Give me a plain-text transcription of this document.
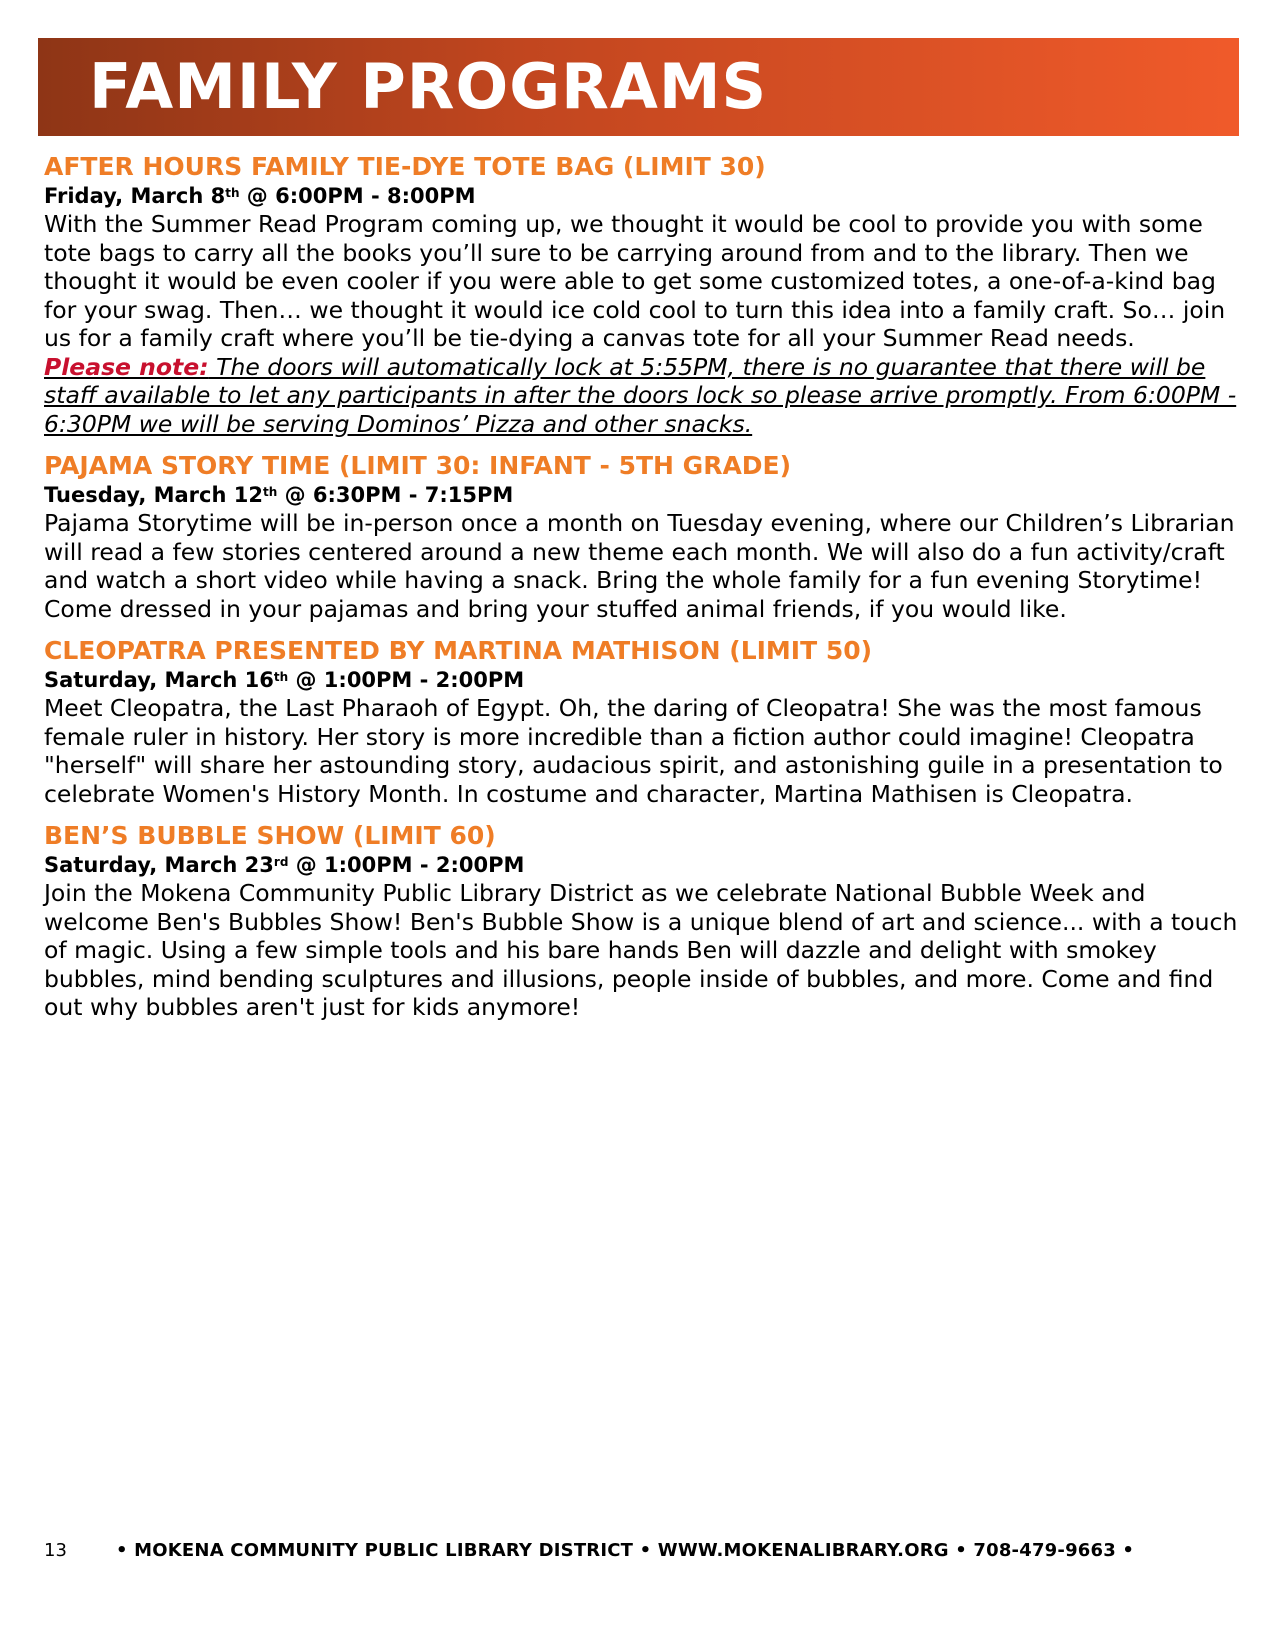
FAMILY PROGRAMS
AFTER HOURS FAMILY TIE-DYE TOTE BAG (LIMIT 30)
Friday, March 8th @ 6:00PM - 8:00PM

With the Summer Read Program coming up, we thought it would be cool to provide you with some tote bags to carry all the books you’ll sure to be carrying around from and to the library. Then we thought it would be even cooler if you were able to get some customized totes, a one-of-a-kind bag for your swag. Then… we thought it would ice cold cool to turn this idea into a family craft. So… join us for a family craft where you’ll be tie-dying a canvas tote for all your Summer Read needs.

Please note: The doors will automatically lock at 5:55PM, there is no guarantee that there will be staff available to let any participants in after the doors lock so please arrive promptly. From 6:00PM - 6:30PM we will be serving Dominos’ Pizza and other snacks.

PAJAMA STORY TIME (LIMIT 30: INFANT - 5TH GRADE)
Tuesday, March 12th @ 6:30PM - 7:15PM

Pajama Storytime will be in-person once a month on Tuesday evening, where our Children’s Librarian will read a few stories centered around a new theme each month. We will also do a fun activity/craft and watch a short video while having a snack. Bring the whole family for a fun evening Storytime! Come dressed in your pajamas and bring your stuffed animal friends, if you would like.

CLEOPATRA PRESENTED BY MARTINA MATHISON (LIMIT 50)
Saturday, March 16th @ 1:00PM - 2:00PM

Meet Cleopatra, the Last Pharaoh of Egypt. Oh, the daring of Cleopatra! She was the most famous female ruler in history. Her story is more incredible than a fiction author could imagine! Cleopatra "herself" will share her astounding story, audacious spirit, and astonishing guile in a presentation to celebrate Women's History Month. In costume and character, Martina Mathisen is Cleopatra.

BEN’S BUBBLE SHOW (LIMIT 60)
Saturday, March 23rd @ 1:00PM - 2:00PM

Join the Mokena Community Public Library District as we celebrate National Bubble Week and welcome Ben's Bubbles Show! Ben's Bubble Show is a unique blend of art and science... with a touch of magic. Using a few simple tools and his bare hands Ben will dazzle and delight with smokey bubbles, mind bending sculptures and illusions, people inside of bubbles, and more. Come and find out why bubbles aren't just for kids anymore!

13	• MOKENA COMMUNITY PUBLIC LIBRARY DISTRICT • WWW.MOKENALIBRARY.ORG • 708-479-9663 •
